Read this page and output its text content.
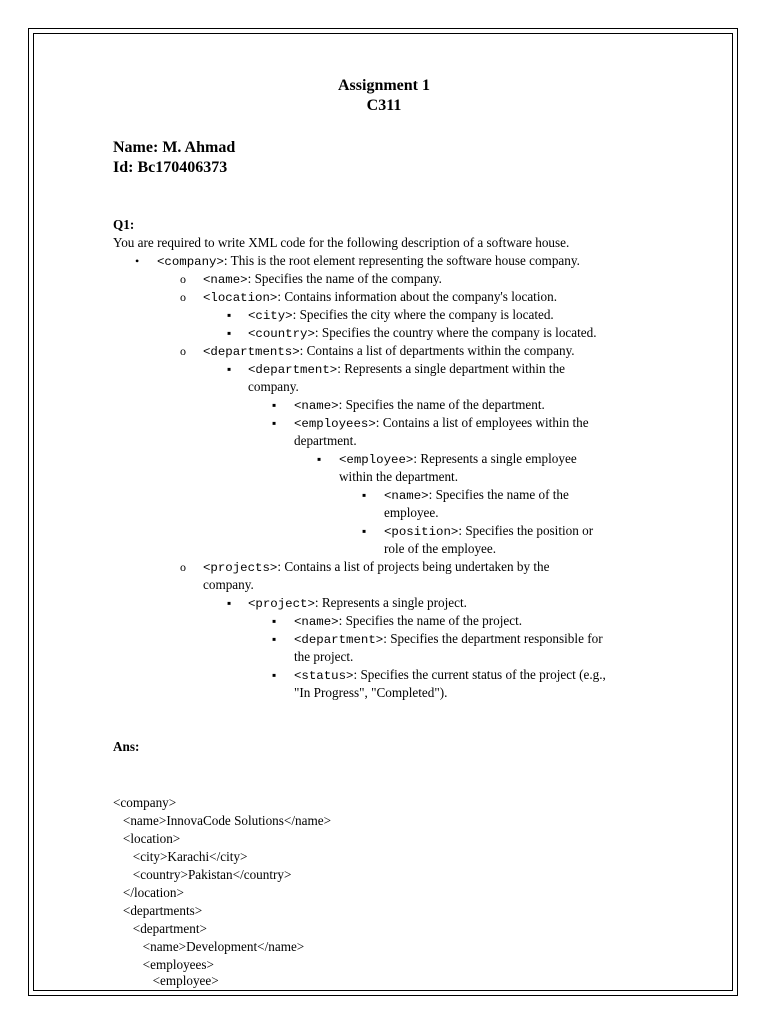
Assignment 1
C311
Name: M. Ahmad
Id: Bc170406373
Q1:
You are required to write XML code for the following description of a software house.
• <company>: This is the root element representing the software house company.
o <name>: Specifies the name of the company.
o <location>: Contains information about the company's location.
▪ <city>: Specifies the city where the company is located.
▪ <country>: Specifies the country where the company is located.
o <departments>: Contains a list of departments within the company.
▪ <department>: Represents a single department within the
company.
▪ <name>: Specifies the name of the department.
▪ <employees>: Contains a list of employees within the
department.
▪ <employee>: Represents a single employee
within the department.
▪ <name>: Specifies the name of the
employee.
▪ <position>: Specifies the position or
role of the employee.
o <projects>: Contains a list of projects being undertaken by the
company.
▪ <project>: Represents a single project.
▪ <name>: Specifies the name of the project.
▪ <department>: Specifies the department responsible for
the project.
▪ <status>: Specifies the current status of the project (e.g.,
"In Progress", "Completed").
Ans:
<company>
<name>InnovaCode Solutions</name>
<location>
<city>Karachi</city>
<country>Pakistan</country>
</location>
<departments>
<department>
<name>Development</name>
<employees>
<employee>
